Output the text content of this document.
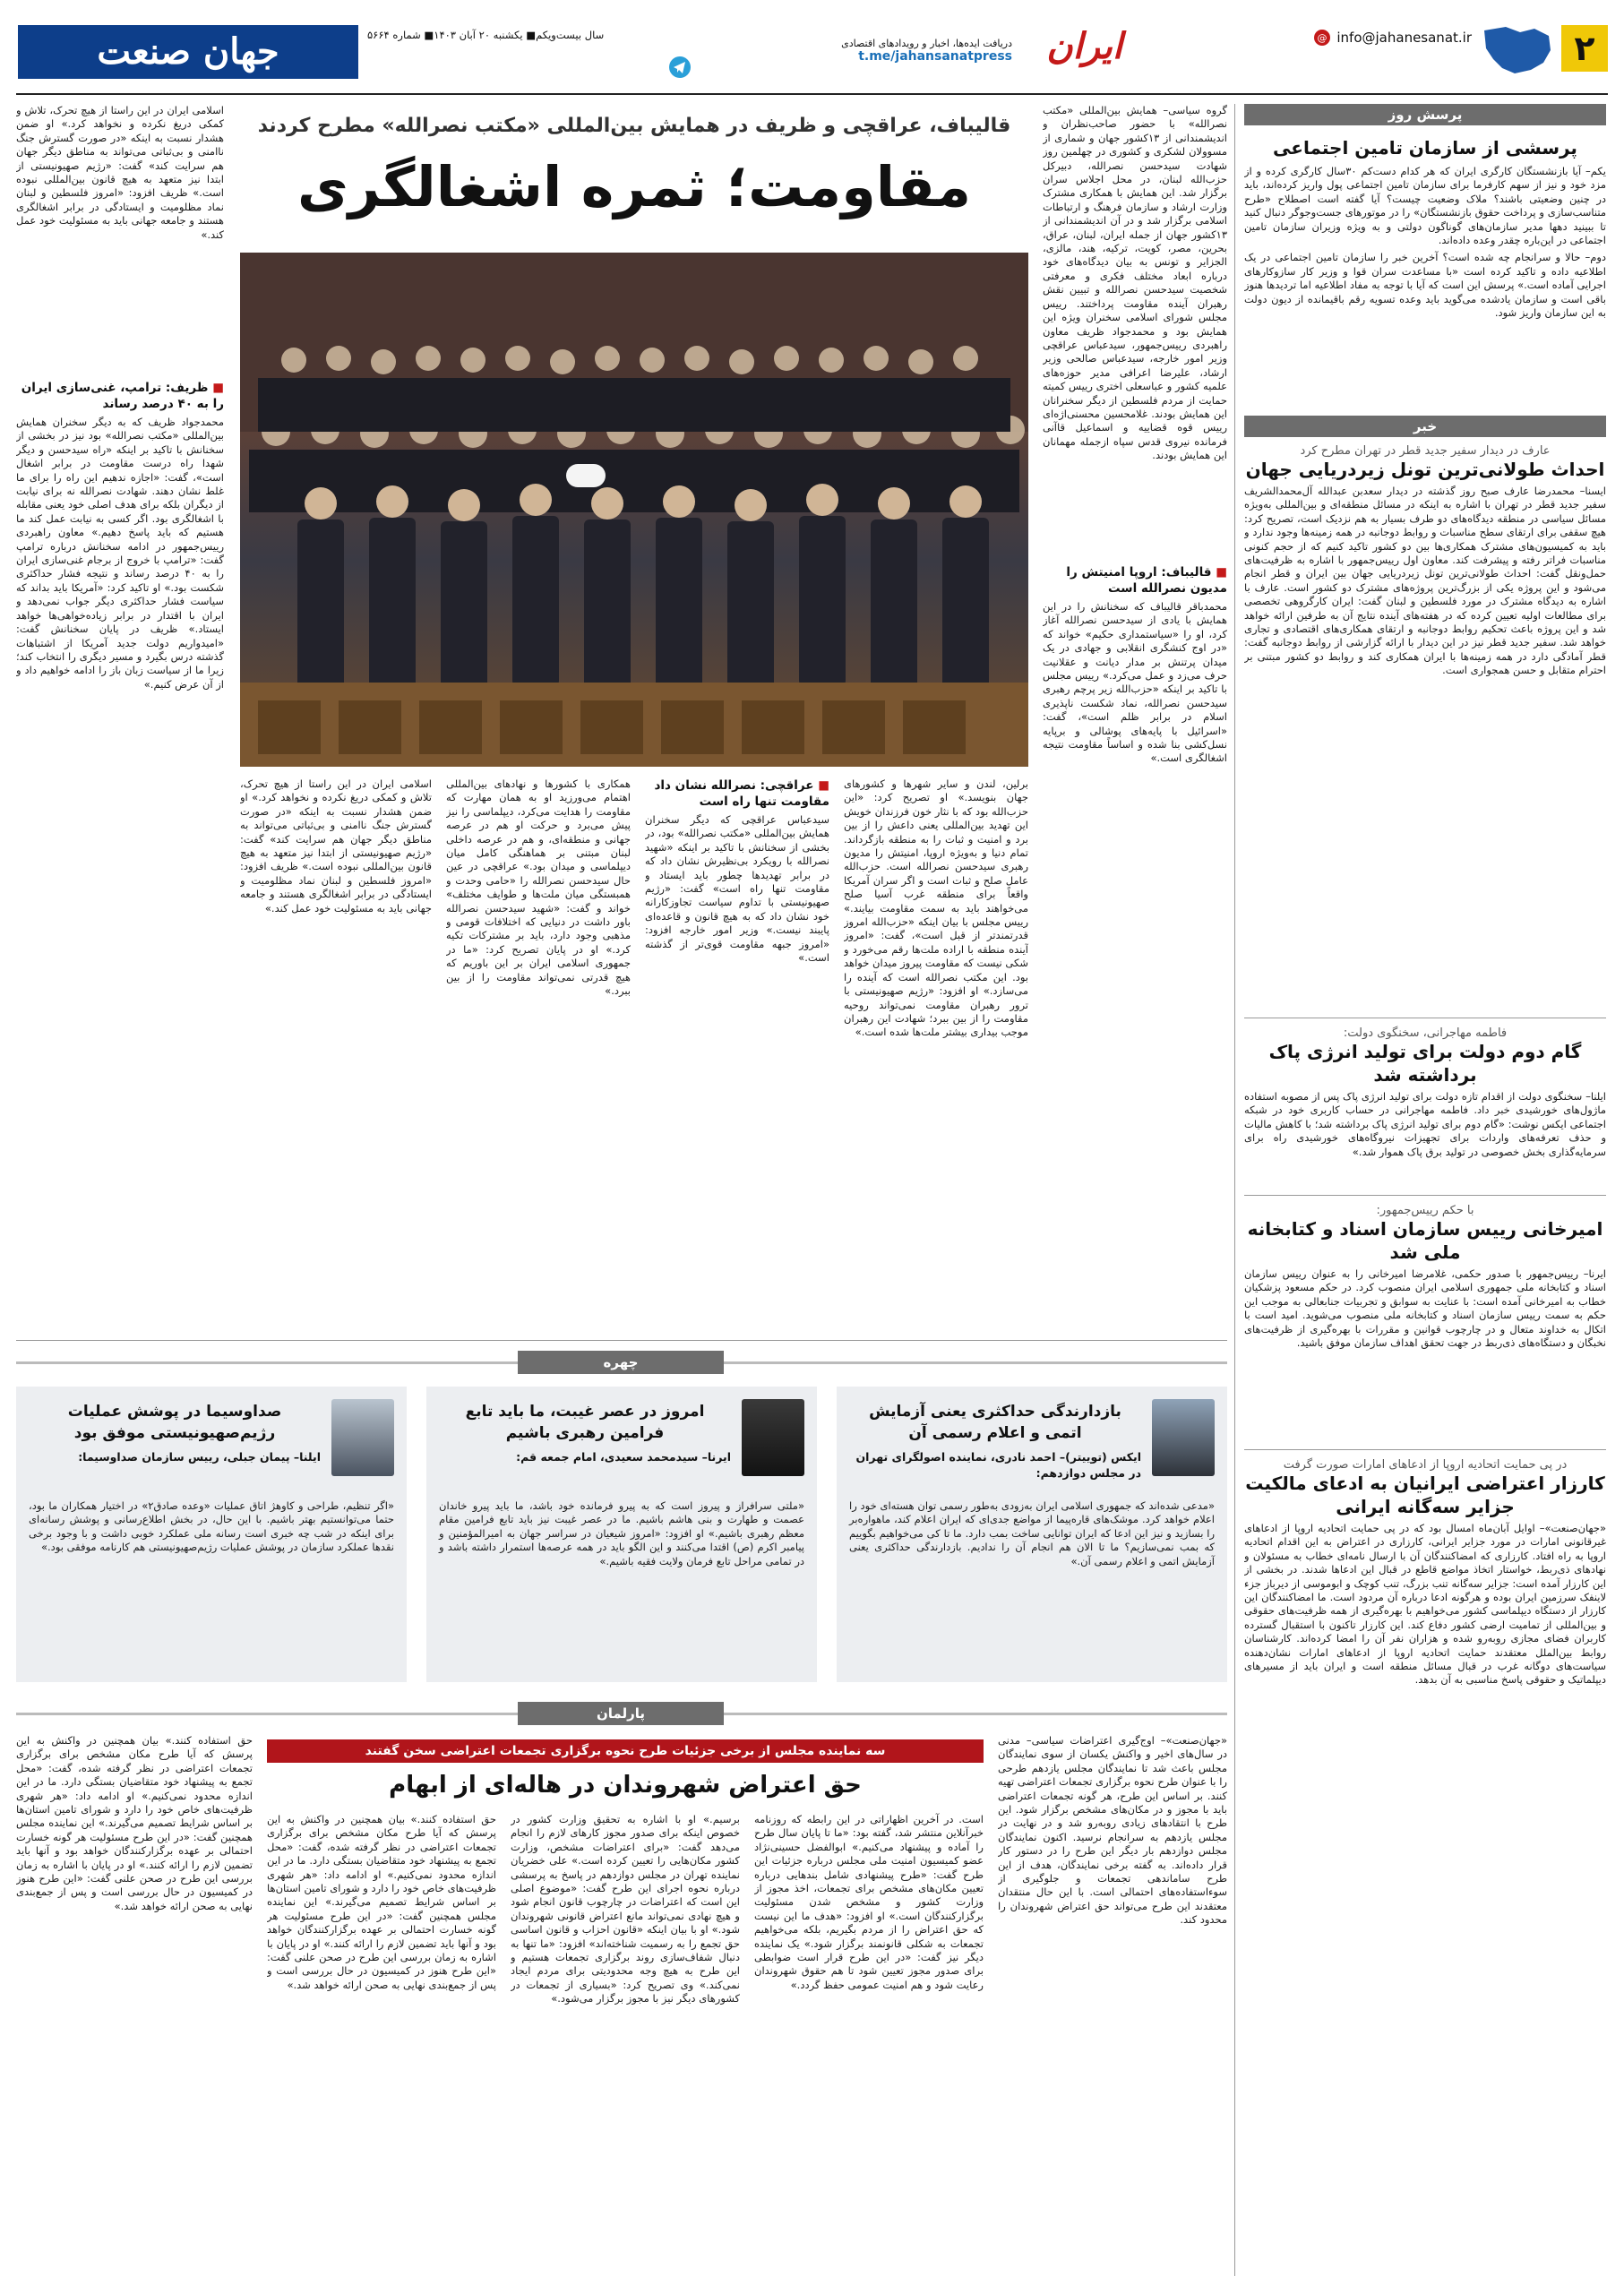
۲
@ info@jahanesanat.ir
ایران
دریافت ایده‌ها، اخبار و رویدادهای اقتصادی
t.me/jahansanatpress
سال بیست‌ویکم■ یکشنبه ۲۰ آبان ۱۴۰۳■ شماره ۵۶۶۴
جهان صنعت
پرسش روز
پرسشی از سازمان تامین اجتماعی

یکم– آیا بازنشستگان کارگری ایران که هر کدام دست‌کم ۳۰سال کارگری کرده و از مزد خود و نیز از سهم کارفرما برای سازمان تامین اجتماعی پول واریز کرده‌اند، باید در چنین وضعیتی باشند؟ ملاک وضعیت چیست؟ آیا گفته است اصطلاح «طرح متناسب‌سازی و پرداخت حقوق بازنشستگان» را در موتورهای جست‌وجوگر دنبال کنید تا ببینید دهها مدیر سازمان‌های گوناگون دولتی و به ویژه وزیران سازمان تامین اجتماعی در این‌باره چقدر وعده داده‌اند.

دوم– حالا و سرانجام چه شده است؟ آخرین خبر را سازمان تامین اجتماعی در یک اطلاعیه داده و تاکید کرده است «با مساعدت سران قوا و وزیر کار سازوکارهای اجرایی آماده است.» پرسش این است که آیا با توجه به مفاد اطلاعیه اما تردیدها هنوز باقی است و سازمان یادشده می‌گوید باید وعده تسویه رقم باقیمانده از دیون دولت به این سازمان واریز شود.

خبر
عارف در دیدار سفیر جدید قطر در تهران مطرح کرد
احداث طولانی‌ترین تونل زیردریایی جهان

ایسنا– محمدرضا عارف صبح روز گذشته در دیدار سعدبن عبدالله آل‌محمدالشریف سفیر جدید قطر در تهران با اشاره به اینکه در مسائل منطقه‌ای و بین‌المللی به‌ویژه مسائل سیاسی در منطقه دیدگاه‌های دو طرف بسیار به هم نزدیک است، تصریح کرد: هیچ سقفی برای ارتقای سطح مناسبات و روابط دوجانبه در همه زمینه‌ها وجود ندارد و باید به کمیسیون‌های مشترک همکاری‌ها بین دو کشور تاکید کنیم که از حجم کنونی مناسبات فراتر رفته و پیشرفت کند. معاون اول رییس‌جمهور با اشاره به ظرفیت‌های حمل‌ونقل گفت: احداث طولانی‌ترین تونل زیردریایی جهان بین ایران و قطر انجام می‌شود و این پروژه یکی از بزرگ‌ترین پروژه‌های مشترک دو کشور است. عارف با اشاره به دیدگاه مشترک در مورد فلسطین و لبنان گفت: ایران کارگروهی تخصصی برای مطالعات اولیه تعیین کرده که در هفته‌های آینده نتایج آن به طرفین ارائه خواهد شد و این پروژه باعث تحکیم روابط دوجانبه و ارتقای همکاری‌های اقتصادی و تجاری خواهد شد. سفیر جدید قطر نیز در این دیدار با ارائه گزارشی از روابط دوجانبه گفت: قطر آمادگی دارد در همه زمینه‌ها با ایران همکاری کند و روابط دو کشور مبتنی بر احترام متقابل و حسن همجواری است.

فاطمه مهاجرانی، سخنگوی دولت:
گام دوم دولت برای تولید انرژی پاک برداشته شد

ایلنا– سخنگوی دولت از اقدام تازه دولت برای تولید انرژی پاک پس از مصوبه استفاده ماژول‌های خورشیدی خبر داد. فاطمه مهاجرانی در حساب کاربری خود در شبکه اجتماعی ایکس نوشت: «گام دوم برای تولید انرژی پاک برداشته شد؛ با کاهش مالیات و حذف تعرفه‌های واردات برای تجهیزات نیروگاه‌های خورشیدی راه برای سرمایه‌گذاری بخش خصوصی در تولید برق پاک هموار شد.»

با حکم رییس‌جمهور:
امیرخانی رییس سازمان اسناد و کتابخانه ملی شد

ایرنا– رییس‌جمهور با صدور حکمی، غلامرضا امیرخانی را به عنوان رییس سازمان اسناد و کتابخانه ملی جمهوری اسلامی ایران منصوب کرد. در حکم مسعود پزشکیان خطاب به امیرخانی آمده است: با عنایت به سوابق و تجربیات جنابعالی به موجب این حکم به سمت رییس سازمان اسناد و کتابخانه ملی منصوب می‌شوید. امید است با اتکال به خداوند متعال و در چارچوب قوانین و مقررات با بهره‌گیری از ظرفیت‌های نخبگان و دستگاه‌های ذی‌ربط در جهت تحقق اهداف سازمان موفق باشید.

در پی حمایت اتحادیه اروپا از ادعاهای امارات صورت گرفت
کارزار اعتراضی ایرانیان به ادعای مالکیت جزایر سه‌گانه ایرانی

«جهان‌صنعت»– اوایل آبان‌ماه امسال بود که در پی حمایت اتحادیه اروپا از ادعاهای غیرقانونی امارات در مورد جزایر ایرانی، کارزاری در اعتراض به این اقدام اتحادیه اروپا به راه افتاد. کارزاری که امضاکنندگان آن با ارسال نامه‌ای خطاب به مسئولان و نهادهای ذی‌ربط، خواستار اتخاذ مواضع قاطع در قبال این ادعاها شدند. در بخشی از این کارزار آمده است: جزایر سه‌گانه تنب بزرگ، تنب کوچک و ابوموسی از دیرباز جزء لاینفک سرزمین ایران بوده و هرگونه ادعا درباره آن مردود است. ما امضاکنندگان این کارزار از دستگاه دیپلماسی کشور می‌خواهیم با بهره‌گیری از همه ظرفیت‌های حقوقی و بین‌المللی از تمامیت ارضی کشور دفاع کند. این کارزار تاکنون با استقبال گسترده کاربران فضای مجازی روبه‌رو شده و هزاران نفر آن را امضا کرده‌اند. کارشناسان روابط بین‌الملل معتقدند حمایت اتحادیه اروپا از ادعاهای امارات نشان‌دهنده سیاست‌های دوگانه غرب در قبال مسائل منطقه است و ایران باید از مسیرهای دیپلماتیک و حقوقی پاسخ مناسبی به آن بدهد.

گروه سیاسی– همایش بین‌المللی «مکتب نصرالله» با حضور صاحب‌نظران و اندیشمندانی از ۱۳کشور جهان و شماری از مسوولان لشکری و کشوری در چهلمین روز شهادت سیدحسن نصرالله، دبیرکل حزب‌الله لبنان، در محل اجلاس سران برگزار شد. این همایش با همکاری مشترک وزارت ارشاد و سازمان فرهنگ و ارتباطات اسلامی برگزار شد و در آن اندیشمندانی از ۱۳کشور جهان از جمله ایران، لبنان، عراق، بحرین، مصر، کویت، ترکیه، هند، مالزی، الجزایر و تونس به بیان دیدگاه‌های خود درباره ابعاد مختلف فکری و معرفتی شخصیت سیدحسن نصرالله و تبیین نقش رهبران آینده مقاومت پرداختند. رییس مجلس شورای اسلامی سخنران ویژه این همایش بود و محمدجواد ظریف معاون راهبردی رییس‌جمهور، سیدعباس عراقچی وزیر امور خارجه، سیدعباس صالحی وزیر ارشاد، علیرضا اعرافی مدیر حوزه‌های علمیه کشور و عباسعلی اختری رییس کمیته حمایت از مردم فلسطین از دیگر سخنرانان این همایش بودند. غلامحسین محسنی‌اژه‌ای رییس قوه قضاییه و اسماعیل قاآنی فرمانده نیروی قدس سپاه ازجمله مهمانان این همایش بودند.

■ قالیباف: اروپا امنیتش را مدیون نصرالله است

محمدباقر قالیباف که سخنانش را در این همایش با یادی از سیدحسن نصرالله آغاز کرد، او را «سیاستمداری حکیم» خواند که «در اوج کنشگری انقلابی و جهادی در یک میدان پرتنش بر مدار دیانت و عقلانیت حرف می‌زد و عمل می‌کرد.» رییس مجلس با تاکید بر اینکه «حزب‌الله زیر پرچم رهبری سیدحسن نصرالله، نماد شکست ناپذیری اسلام در برابر ظلم است»، گفت: «اسرائیل با پایه‌های پوشالی و برپایه نسل‌کشی بنا شده و اساساً مقاومت نتیجه اشغالگری است.»

قالیباف، عراقچی و ظریف در همایش بین‌المللی «مکتب نصرالله» مطرح کردند
مقاومت؛ ثمره اشغالگری

برلین، لندن و سایر شهرها و کشورهای جهان بنویسد.» او تصریح کرد: «این حزب‌الله بود که با نثار خون فرزندان خویش این تهدید بین‌المللی یعنی داعش را از بین برد و امنیت و ثبات را به منطقه بازگرداند. تمام دنیا و به‌ویژه اروپا، امنیتش را مدیون رهبری سیدحسن نصرالله است. حزب‌الله عامل صلح و ثبات است و اگر سران آمریکا واقعاً برای منطقه غرب آسیا صلح می‌خواهند باید به سمت مقاومت بیایند.» رییس مجلس با بیان اینکه «حزب‌الله امروز قدرتمندتر از قبل است»، گفت: «امروز آینده منطقه با اراده ملت‌ها رقم می‌خورد و شکی نیست که مقاومت پیروز میدان خواهد بود. این مکتب نصرالله است که آینده را می‌سازد.» او افزود: «رژیم صهیونیستی با ترور رهبران مقاومت نمی‌تواند روحیه مقاومت را از بین ببرد؛ شهادت این رهبران موجب بیداری بیشتر ملت‌ها شده است.»

■ عراقچی: نصرالله نشان داد مقاومت تنها راه است

سیدعباس عراقچی که دیگر سخنران همایش بین‌المللی «مکتب نصرالله» بود، در بخشی از سخنانش با تاکید بر اینکه «شهید نصرالله با رویکرد بی‌نظیرش نشان داد که در برابر تهدیدها چطور باید ایستاد و مقاومت تنها راه است» گفت: «رژیم صهیونیستی با تداوم سیاست تجاوزکارانه خود نشان داد که به هیچ قانون و قاعده‌ای پایبند نیست.» وزیر امور خارجه افزود: «امروز جبهه مقاومت قوی‌تر از گذشته است.»

همکاری با کشورها و نهادهای بین‌المللی اهتمام می‌ورزید او به همان مهارت که مقاومت را هدایت می‌کرد، دیپلماسی را نیز پیش می‌برد و حرکت او هم در عرصه جهانی و منطقه‌ای، و هم در عرصه داخلی لبنان مبتنی بر هماهنگی کامل میان دیپلماسی و میدان بود.» عراقچی در عین حال سیدحسن نصرالله را «حامی وحدت و همبستگی میان ملت‌ها و طوایف مختلف» خواند و گفت: «شهید سیدحسن نصرالله باور داشت در دنیایی که اختلافات قومی و مذهبی وجود دارد، باید بر مشترکات تکیه کرد.» او در پایان تصریح کرد: «ما در جمهوری اسلامی ایران بر این باوریم که هیچ قدرتی نمی‌تواند مقاومت را از بین ببرد.»

اسلامی ایران در این راستا از هیچ تحرک، تلاش و کمکی دریغ نکرده و نخواهد کرد.» او ضمن هشدار نسبت به اینکه «در صورت گسترش جنگ ناامنی و بی‌ثباتی می‌تواند به مناطق دیگر جهان هم سرایت کند» گفت: «رژیم صهیونیستی از ابتدا نیز متعهد به هیچ قانون بین‌المللی نبوده است.» ظریف افزود: «امروز فلسطین و لبنان نماد مظلومیت و ایستادگی در برابر اشغالگری هستند و جامعه جهانی باید به مسئولیت خود عمل کند.»

اسلامی ایران در این راستا از هیچ تحرک، تلاش و کمکی دریغ نکرده و نخواهد کرد.» او ضمن هشدار نسبت به اینکه «در صورت گسترش جنگ ناامنی و بی‌ثباتی می‌تواند به مناطق دیگر جهان هم سرایت کند» گفت: «رژیم صهیونیستی از ابتدا نیز متعهد به هیچ قانون بین‌المللی نبوده است.» ظریف افزود: «امروز فلسطین و لبنان نماد مظلومیت و ایستادگی در برابر اشغالگری هستند و جامعه جهانی باید به مسئولیت خود عمل کند.»

■ ظریف: ترامپ، غنی‌سازی ایران را به ۴۰ درصد رساند

محمدجواد ظریف که به دیگر سخنران همایش بین‌المللی «مکتب نصرالله» بود نیز در بخشی از سخنانش با تاکید بر اینکه «راه سیدحسن و دیگر شهدا راه درست مقاومت در برابر اشغال است»، گفت: «اجازه ندهیم این راه را برای ما غلط نشان دهند. شهادت نصرالله نه برای نیابت از دیگران بلکه برای هدف اصلی خود یعنی مقابله با اشغالگری بود. اگر کسی به نیابت عمل کند ما هستیم که باید پاسخ دهیم.» معاون راهبردی رییس‌جمهور در ادامه سخنانش درباره ترامپ گفت: «ترامپ با خروج از برجام غنی‌سازی ایران را به ۴۰ درصد رساند و نتیجه فشار حداکثری شکست بود.» او تاکید کرد: «آمریکا باید بداند که سیاست فشار حداکثری دیگر جواب نمی‌دهد و ایران با اقتدار در برابر زیاده‌خواهی‌ها خواهد ایستاد.» ظریف در پایان سخنانش گفت: «امیدواریم دولت جدید آمریکا از اشتباهات گذشته درس بگیرد و مسیر دیگری را انتخاب کند؛ زیرا ما از سیاست زبان باز را ادامه خواهیم داد و از آن عرض کنیم.»

چهره
بازدارندگی حداکثری یعنی آزمایش اتمی و اعلام رسمی آن
ایکس (توییتر)– احمد نادری، نماینده اصولگرای تهران در مجلس دوازدهم:

«مدعی شده‌اند که جمهوری اسلامی ایران به‌زودی به‌طور رسمی توان هسته‌ای خود را اعلام خواهد کرد. موشک‌های قاره‌پیما از مواضع جدی‌ای که ایران اعلام کند، ماهواره‌بر را بسازید و نیز این ادعا که ایران توانایی ساخت بمب دارد. ما تا کی می‌خواهیم بگوییم که بمب نمی‌سازیم؟ ما تا الان هم انجام آن را ندادیم. بازدارندگی حداکثری یعنی آزمایش اتمی و اعلام رسمی آن.»

امروز در عصر غیبت، ما باید تابع فرامین رهبری باشیم
ایرنا– سیدمحمد سعیدی، امام جمعه قم:

«ملتی سرافراز و پیروز است که به پیرو فرمانده خود باشد، ما باید پیرو خاندان عصمت و طهارت و بنی هاشم باشیم. ما در عصر غیبت نیز باید تابع فرامین مقام معظم رهبری باشیم.» او افزود: «امروز شیعیان در سراسر جهان به امیرالمؤمنین و پیامبر اکرم (ص) اقتدا می‌کنند و این الگو باید در همه عرصه‌ها استمرار داشته باشد و در تمامی مراحل تابع فرمان ولایت فقیه باشیم.»

صداوسیما در پوشش عملیات رژیم‌صهیونیستی موفق بود
ایلنا– پیمان جبلی، رییس سازمان صداوسیما:

«اگر تنظیم، طراحی و کاوهژ اتاق عملیات «وعده صادق۲» در اختیار همکاران ما بود، حتما می‌توانستیم بهتر باشیم. با این حال، در بخش اطلاع‌رسانی و پوشش رسانه‌ای برای اینکه در شب چه خبری است رسانه ملی عملکرد خوبی داشت و با وجود برخی نقدها عملکرد سازمان در پوشش عملیات رژیم‌صهیونیستی هم کارنامه موفقی بود.»

پارلمان

«جهان‌صنعت»– اوج‌گیری اعتراضات سیاسی– مدنی در سال‌های اخیر و واکنش یکسان از سوی نمایندگان مجلس باعث شد تا نمایندگان مجلس یازدهم طرحی را با عنوان طرح نحوه برگزاری تجمعات اعتراضی تهیه کنند. بر اساس این طرح، هر گونه تجمعات اعتراضی باید با مجوز و در مکان‌های مشخص برگزار شود. این طرح با انتقادهای زیادی روبه‌رو شد و در نهایت در مجلس یازدهم به سرانجام نرسید. اکنون نمایندگان مجلس دوازدهم بار دیگر این طرح را در دستور کار قرار داده‌اند. به گفته برخی نمایندگان، هدف از این طرح ساماندهی تجمعات و جلوگیری از سوءاستفاده‌های احتمالی است. با این حال منتقدان معتقدند این طرح می‌تواند حق اعتراض شهروندان را محدود کند.

سه نماینده مجلس از برخی جزئیات طرح نحوه برگزاری تجمعات اعتراضی سخن گفتند
حق اعتراض شهروندان در هاله‌ای از ابهام

است. در آخرین اظهاراتی در این رابطه که روزنامه خبرآنلاین منتشر شد، گفته بود: «ما تا پایان سال طرح را آماده و پیشنهاد می‌کنیم.» ابوالفضل حسینی‌نژاد عضو کمیسیون امنیت ملی مجلس درباره جزئیات این طرح گفت: «طرح پیشنهادی شامل بندهایی درباره تعیین مکان‌های مشخص برای تجمعات، اخذ مجوز از وزارت کشور و مشخص شدن مسئولیت برگزارکنندگان است.» او افزود: «هدف ما این نیست که حق اعتراض را از مردم بگیریم، بلکه می‌خواهیم تجمعات به شکلی قانونمند برگزار شود.» یک نماینده دیگر نیز گفت: «در این طرح قرار است ضوابطی برای صدور مجوز تعیین شود تا هم حقوق شهروندان رعایت شود و هم امنیت عمومی حفظ گردد.»

برسیم.» او با اشاره به تحقیق وزارت کشور در خصوص اینکه برای صدور مجوز کارهای لازم را انجام می‌دهد گفت: «برای اعتراضات مشخص، وزارت کشور مکان‌هایی را تعیین کرده است.» علی خضریان نماینده تهران در مجلس دوازدهم در پاسخ به پرسشی درباره نحوه اجرای این طرح گفت: «موضوع اصلی این است که اعتراضات در چارچوب قانون انجام شود و هیچ نهادی نمی‌تواند مانع اعتراض قانونی شهروندان شود.» او با بیان اینکه «قانون احزاب و قانون اساسی حق تجمع را به رسمیت شناخته‌اند» افزود: «ما تنها به دنبال شفاف‌سازی روند برگزاری تجمعات هستیم و این طرح به هیچ وجه محدودیتی برای مردم ایجاد نمی‌کند.» وی تصریح کرد: «بسیاری از تجمعات در کشورهای دیگر نیز با مجوز برگزار می‌شود.»

حق استفاده کنند.» بیان همچنین در واکنش به این پرسش که آیا طرح مکان مشخص برای برگزاری تجمعات اعتراضی در نظر گرفته شده، گفت: «محل تجمع به پیشنهاد خود متقاضیان بستگی دارد. ما در این اندازه محدود نمی‌کنیم.» او ادامه داد: «هر شهری ظرفیت‌های خاص خود را دارد و شورای تامین استان‌ها بر اساس شرایط تصمیم می‌گیرند.» این نماینده مجلس همچنین گفت: «در این طرح مسئولیت هر گونه خسارت احتمالی بر عهده برگزارکنندگان خواهد بود و آنها باید تضمین لازم را ارائه کنند.» او در پایان با اشاره به زمان بررسی این طرح در صحن علنی گفت: «این طرح هنوز در کمیسیون در حال بررسی است و پس از جمع‌بندی نهایی به صحن ارائه خواهد شد.»

حق استفاده کنند.» بیان همچنین در واکنش به این پرسش که آیا طرح مکان مشخص برای برگزاری تجمعات اعتراضی در نظر گرفته شده، گفت: «محل تجمع به پیشنهاد خود متقاضیان بستگی دارد. ما در این اندازه محدود نمی‌کنیم.» او ادامه داد: «هر شهری ظرفیت‌های خاص خود را دارد و شورای تامین استان‌ها بر اساس شرایط تصمیم می‌گیرند.» این نماینده مجلس همچنین گفت: «در این طرح مسئولیت هر گونه خسارت احتمالی بر عهده برگزارکنندگان خواهد بود و آنها باید تضمین لازم را ارائه کنند.» او در پایان با اشاره به زمان بررسی این طرح در صحن علنی گفت: «این طرح هنوز در کمیسیون در حال بررسی است و پس از جمع‌بندی نهایی به صحن ارائه خواهد شد.»
